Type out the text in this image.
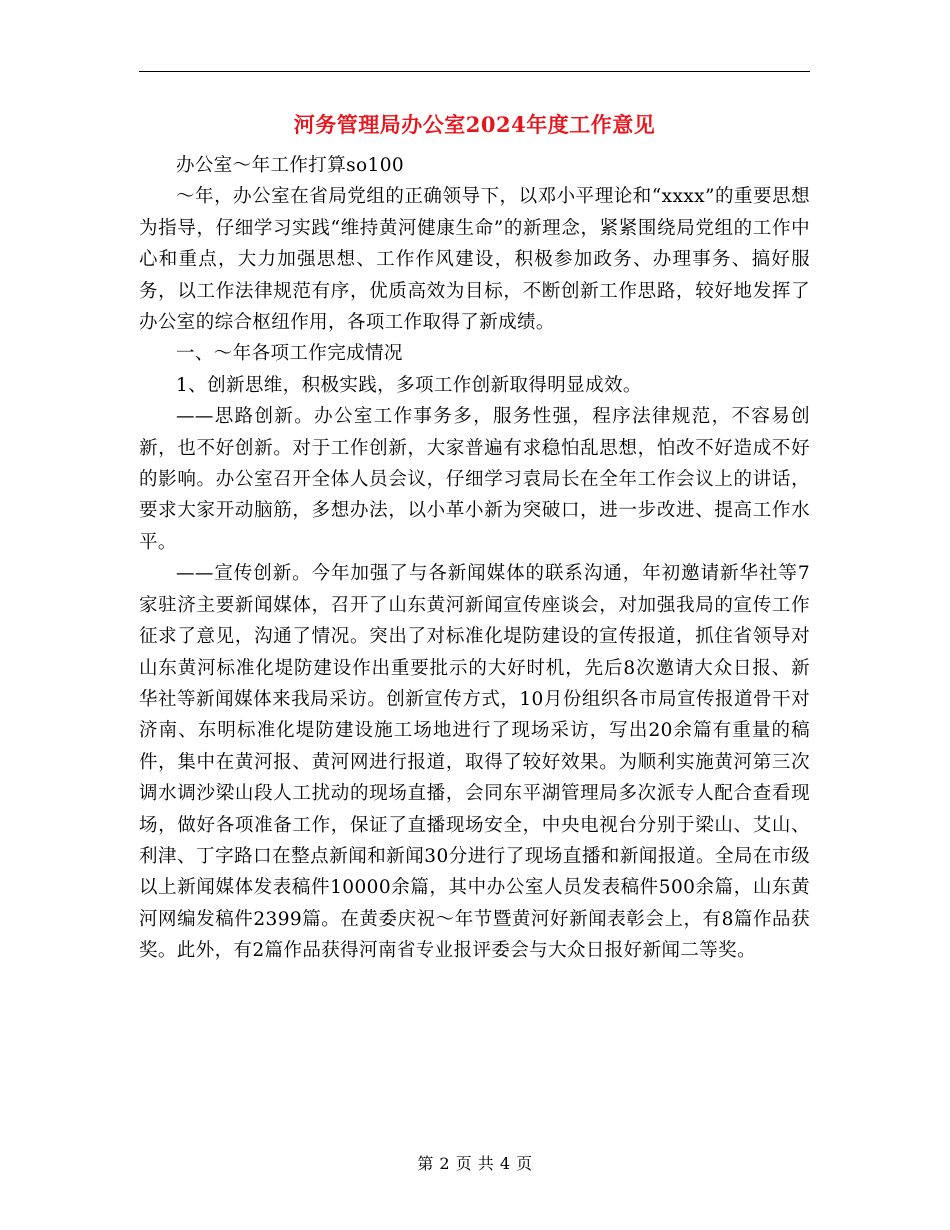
河务管理局办公室2024年度工作意见

办公室～年工作打算so100

～年，办公室在省局党组的正确领导下，以邓小平理论和“xxxx”的重要思想为指导，仔细学习实践“维持黄河健康生命”的新理念，紧紧围绕局党组的工作中心和重点，大力加强思想、工作作风建设，积极参加政务、办理事务、搞好服务，以工作法律规范有序，优质高效为目标，不断创新工作思路，较好地发挥了办公室的综合枢纽作用，各项工作取得了新成绩。

一、～年各项工作完成情况

1、创新思维，积极实践，多项工作创新取得明显成效。

——思路创新。办公室工作事务多，服务性强，程序法律规范，不容易创新，也不好创新。对于工作创新，大家普遍有求稳怕乱思想，怕改不好造成不好的影响。办公室召开全体人员会议，仔细学习袁局长在全年工作会议上的讲话，要求大家开动脑筋，多想办法，以小革小新为突破口，进一步改进、提高工作水平。

——宣传创新。今年加强了与各新闻媒体的联系沟通，年初邀请新华社等7家驻济主要新闻媒体，召开了山东黄河新闻宣传座谈会，对加强我局的宣传工作征求了意见，沟通了情况。突出了对标准化堤防建设的宣传报道，抓住省领导对山东黄河标准化堤防建设作出重要批示的大好时机，先后8次邀请大众日报、新华社等新闻媒体来我局采访。创新宣传方式，10月份组织各市局宣传报道骨干对济南、东明标准化堤防建设施工场地进行了现场采访，写出20余篇有重量的稿件，集中在黄河报、黄河网进行报道，取得了较好效果。为顺利实施黄河第三次调水调沙梁山段人工扰动的现场直播，会同东平湖管理局多次派专人配合查看现场，做好各项准备工作，保证了直播现场安全，中央电视台分别于梁山、艾山、利津、丁字路口在整点新闻和新闻30分进行了现场直播和新闻报道。全局在市级以上新闻媒体发表稿件10000余篇，其中办公室人员发表稿件500余篇，山东黄河网编发稿件2399篇。在黄委庆祝～年节暨黄河好新闻表彰会上，有8篇作品获奖。此外，有2篇作品获得河南省专业报评委会与大众日报好新闻二等奖。

第 2 页 共 4 页
